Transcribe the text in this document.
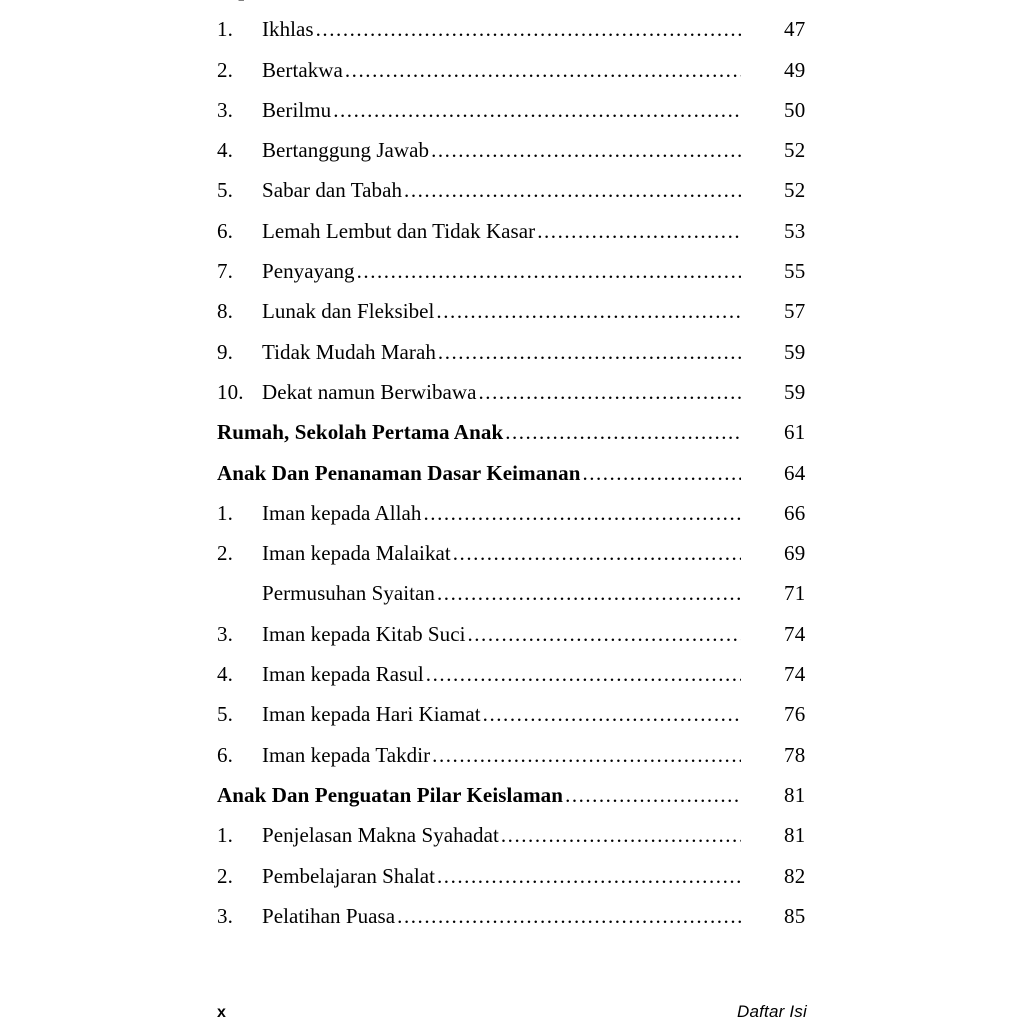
1.	Ikhlas .....	47
2.	Bertakwa .....	49
3.	Berilmu .....	50
4.	Bertanggung Jawab .....	52
5.	Sabar dan Tabah .....	52
6.	Lemah Lembut dan Tidak Kasar .....	53
7.	Penyayang .....	55
8.	Lunak dan Fleksibel .....	57
9.	Tidak Mudah Marah .....	59
10. Dekat namun Berwibawa .....	59
Rumah, Sekolah Pertama Anak .....	61
Anak Dan Penanaman Dasar Keimanan .....	64
1.	Iman kepada Allah .....	66
2.	Iman kepada Malaikat .....	69
Permusuhan Syaitan .....	71
3.	Iman kepada Kitab Suci .....	74
4.	Iman kepada Rasul .....	74
5.	Iman kepada Hari Kiamat .....	76
6.	Iman kepada Takdir .....	78
Anak Dan Penguatan Pilar Keislaman .....	81
1.	Penjelasan Makna Syahadat .....	81
2.	Pembelajaran Shalat .....	82
3.	Pelatihan Puasa .....	85
x	Daftar Isi
